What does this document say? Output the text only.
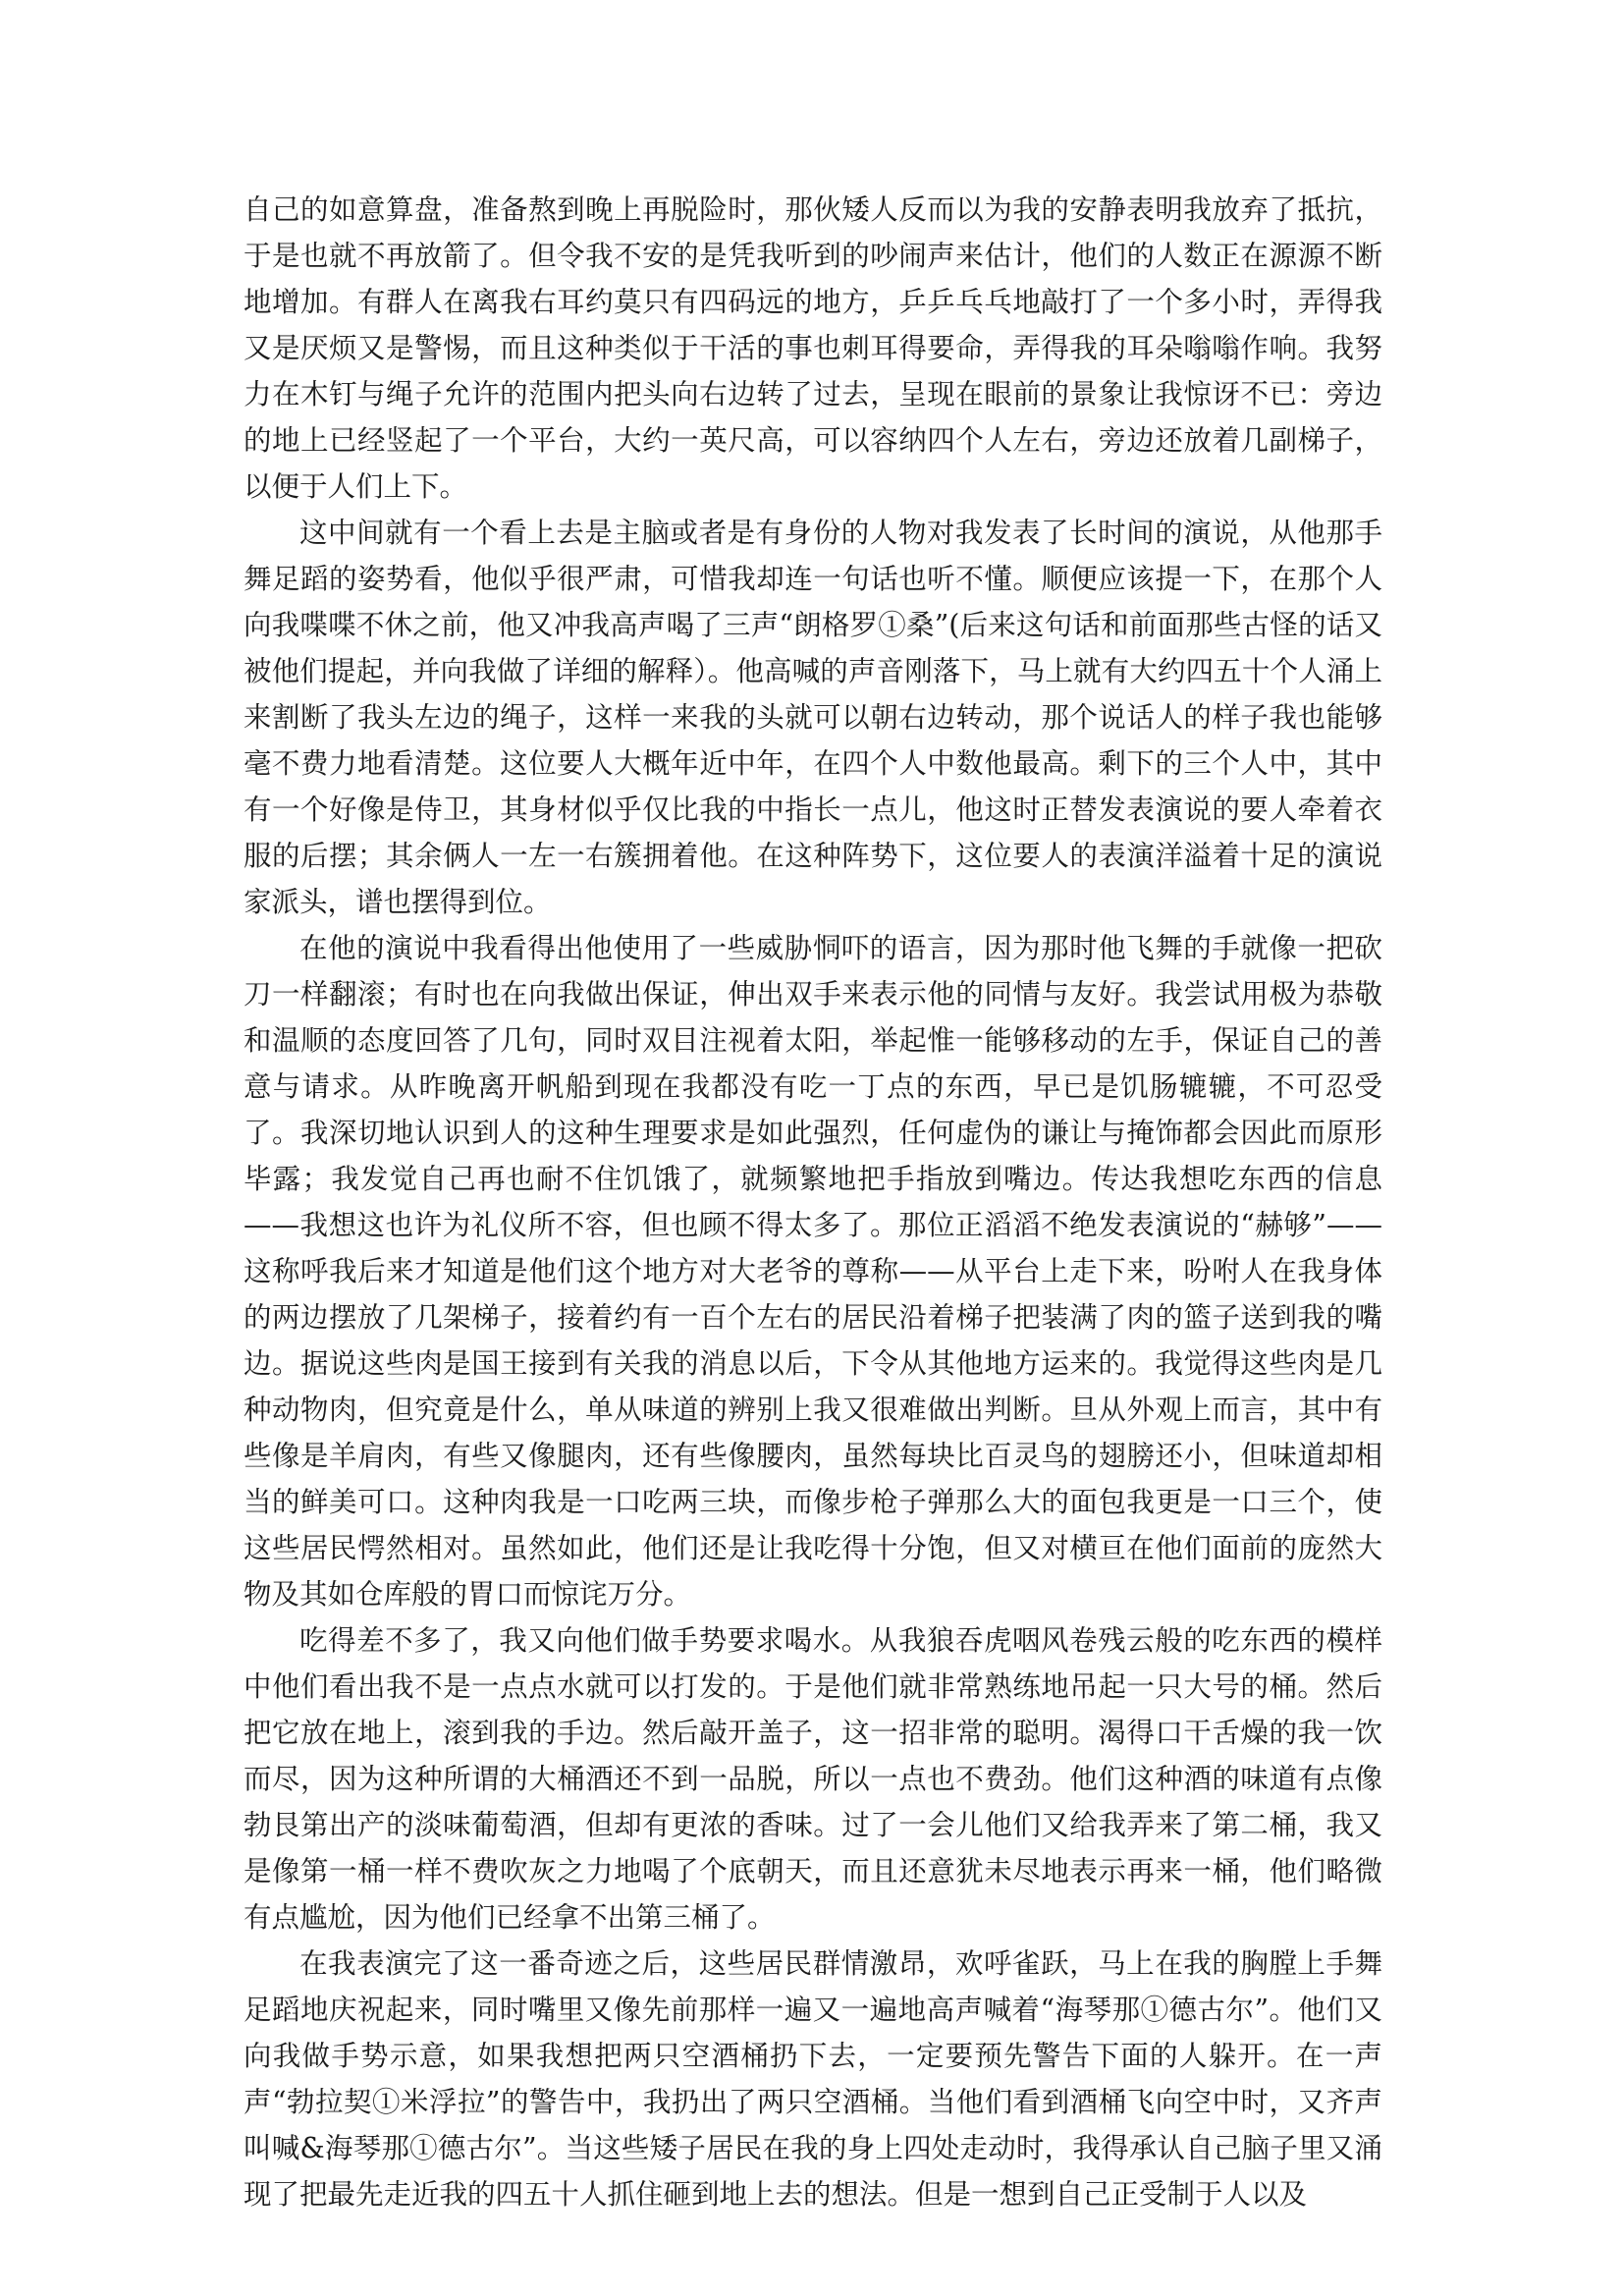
自己的如意算盘，准备熬到晚上再脱险时，那伙矮人反而以为我的安静表明我放弃了抵抗，于是也就不再放箭了。但令我不安的是凭我听到的吵闹声来估计，他们的人数正在源源不断地增加。有群人在离我右耳约莫只有四码远的地方，乒乒乓乓地敲打了一个多小时，弄得我又是厌烦又是警惕，而且这种类似于干活的事也刺耳得要命，弄得我的耳朵嗡嗡作响。我努力在木钉与绳子允许的范围内把头向右边转了过去，呈现在眼前的景象让我惊讶不已：旁边的地上已经竖起了一个平台，大约一英尺高，可以容纳四个人左右，旁边还放着几副梯子，以便于人们上下。

这中间就有一个看上去是主脑或者是有身份的人物对我发表了长时间的演说，从他那手舞足蹈的姿势看，他似乎很严肃，可惜我却连一句话也听不懂。顺便应该提一下，在那个人向我喋喋不休之前，他又冲我高声喝了三声“朗格罗①桑”(后来这句话和前面那些古怪的话又被他们提起，并向我做了详细的解释）。他高喊的声音刚落下，马上就有大约四五十个人涌上来割断了我头左边的绳子，这样一来我的头就可以朝右边转动，那个说话人的样子我也能够毫不费力地看清楚。这位要人大概年近中年，在四个人中数他最高。剩下的三个人中，其中有一个好像是侍卫，其身材似乎仅比我的中指长一点儿，他这时正替发表演说的要人牵着衣服的后摆；其余俩人一左一右簇拥着他。在这种阵势下，这位要人的表演洋溢着十足的演说家派头，谱也摆得到位。

在他的演说中我看得出他使用了一些威胁恫吓的语言，因为那时他飞舞的手就像一把砍刀一样翻滚；有时也在向我做出保证，伸出双手来表示他的同情与友好。我尝试用极为恭敬和温顺的态度回答了几句，同时双目注视着太阳，举起惟一能够移动的左手，保证自己的善意与请求。从昨晚离开帆船到现在我都没有吃一丁点的东西，早已是饥肠辘辘，不可忍受了。我深切地认识到人的这种生理要求是如此强烈，任何虚伪的谦让与掩饰都会因此而原形毕露；我发觉自己再也耐不住饥饿了，就频繁地把手指放到嘴边。传达我想吃东西的信息——我想这也许为礼仪所不容，但也顾不得太多了。那位正滔滔不绝发表演说的“赫够”——这称呼我后来才知道是他们这个地方对大老爷的尊称——从平台上走下来，吩咐人在我身体的两边摆放了几架梯子，接着约有一百个左右的居民沿着梯子把装满了肉的篮子送到我的嘴边。据说这些肉是国王接到有关我的消息以后，下令从其他地方运来的。我觉得这些肉是几种动物肉，但究竟是什么，单从味道的辨别上我又很难做出判断。旦从外观上而言，其中有些像是羊肩肉，有些又像腿肉，还有些像腰肉，虽然每块比百灵鸟的翅膀还小，但味道却相当的鲜美可口。这种肉我是一口吃两三块，而像步枪子弹那么大的面包我更是一口三个，使这些居民愕然相对。虽然如此，他们还是让我吃得十分饱，但又对横亘在他们面前的庞然大物及其如仓库般的胃口而惊诧万分。

吃得差不多了，我又向他们做手势要求喝水。从我狼吞虎咽风卷残云般的吃东西的模样中他们看出我不是一点点水就可以打发的。于是他们就非常熟练地吊起一只大号的桶。然后把它放在地上，滚到我的手边。然后敲开盖子，这一招非常的聪明。渴得口干舌燥的我一饮而尽，因为这种所谓的大桶酒还不到一品脱，所以一点也不费劲。他们这种酒的味道有点像勃艮第出产的淡味葡萄酒，但却有更浓的香味。过了一会儿他们又给我弄来了第二桶，我又是像第一桶一样不费吹灰之力地喝了个底朝天，而且还意犹未尽地表示再来一桶，他们略微有点尴尬，因为他们已经拿不出第三桶了。

在我表演完了这一番奇迹之后，这些居民群情激昂，欢呼雀跃，马上在我的胸膛上手舞足蹈地庆祝起来，同时嘴里又像先前那样一遍又一遍地高声喊着“海琴那①德古尔”。他们又向我做手势示意，如果我想把两只空酒桶扔下去，一定要预先警告下面的人躲开。在一声声“勃拉契①米浮拉”的警告中，我扔出了两只空酒桶。当他们看到酒桶飞向空中时，又齐声叫喊&海琴那①德古尔”。当这些矮子居民在我的身上四处走动时，我得承认自己脑子里又涌现了把最先走近我的四五十人抓住砸到地上去的想法。但是一想到自己正受制于人以及
